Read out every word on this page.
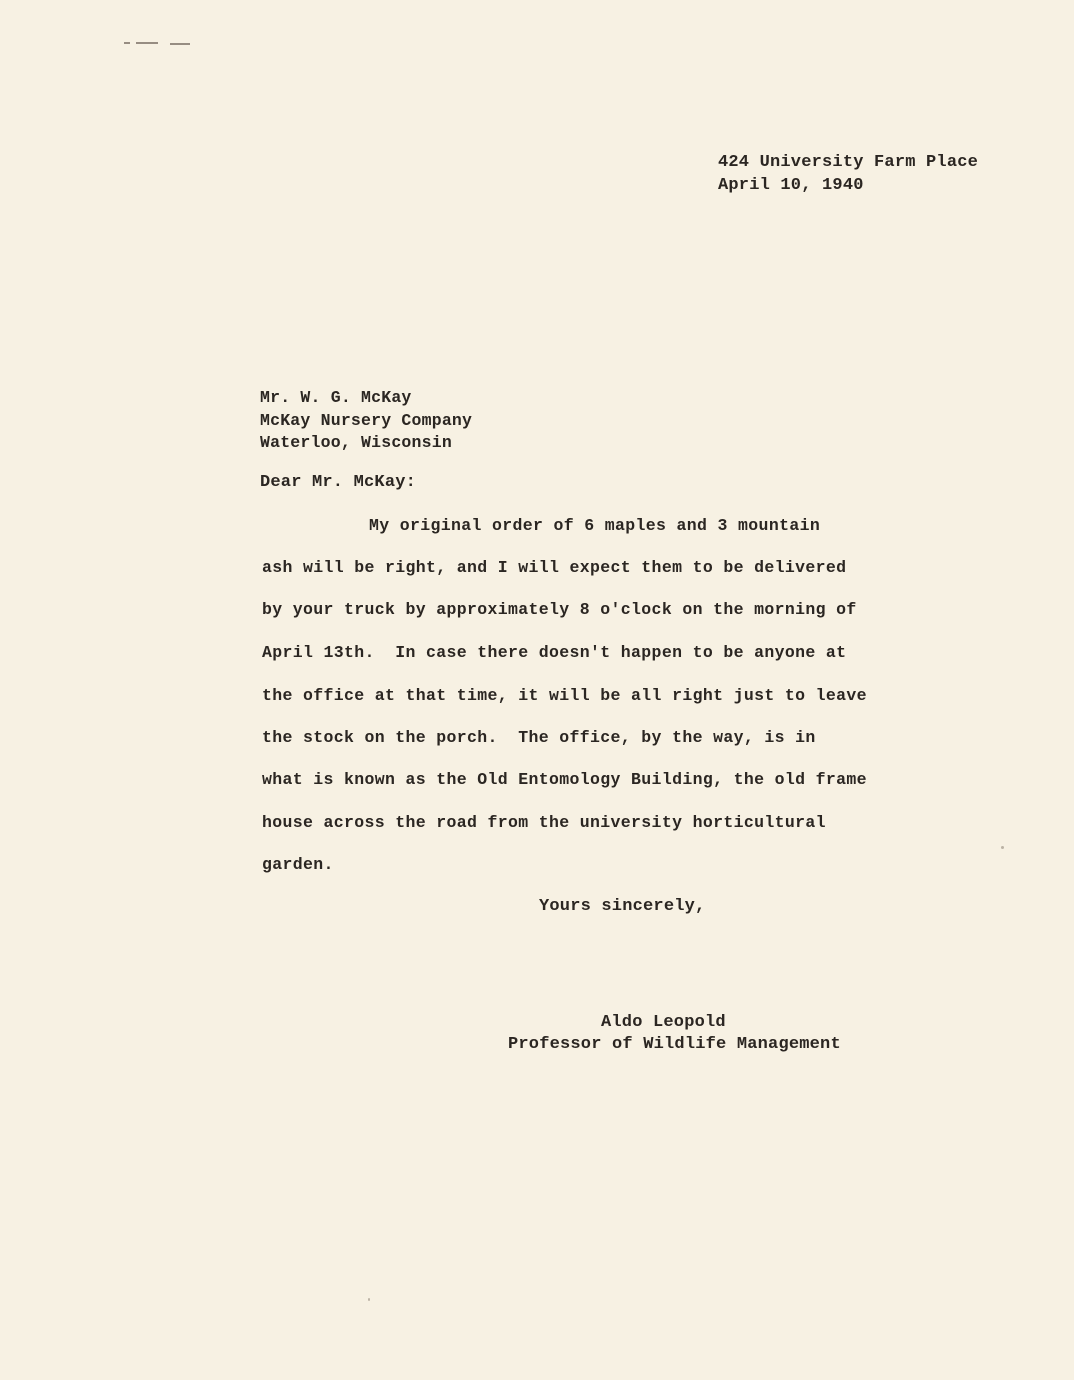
424 University Farm Place
April 10, 1940
Mr. W. G. McKay
McKay Nursery Company
Waterloo, Wisconsin
Dear Mr. McKay:
My original order of 6 maples and 3 mountain
ash will be right, and I will expect them to be delivered
by your truck by approximately 8 o'clock on the morning of
April 13th.  In case there doesn't happen to be anyone at
the office at that time, it will be all right just to leave
the stock on the porch.  The office, by the way, is in
what is known as the Old Entomology Building, the old frame
house across the road from the university horticultural
garden.
Yours sincerely,
Aldo Leopold
Professor of Wildlife Management
